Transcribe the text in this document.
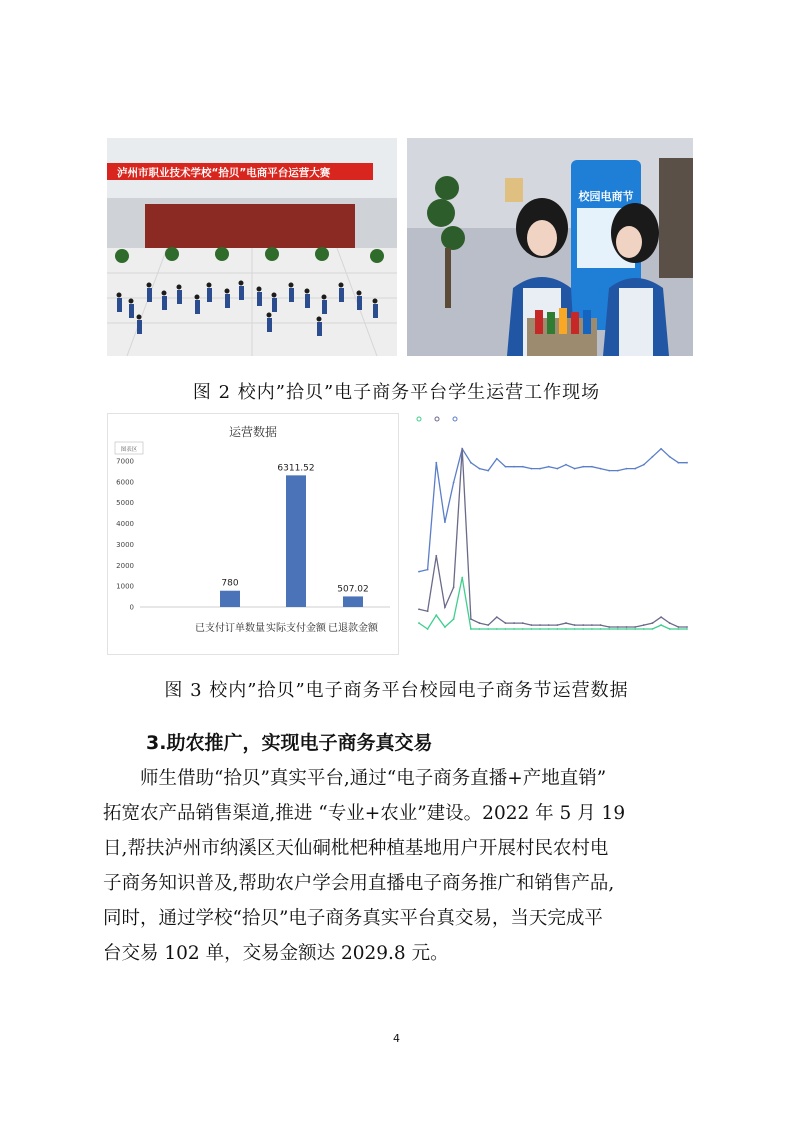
泸州市职业技术学校“拾贝”电商平台运营大赛
校园电商节
图 2 校内”拾贝”电子商务平台学生运营工作现场
图表区
运营数据
0
1000
2000
3000
4000
5000
6000
7000
780
已支付订单数量
6311.52
实际支付金额
507.02
已退款金额
图 3 校内”拾贝”电子商务平台校园电子商务节运营数据
3.助农推广，实现电子商务真交易

师生借助“拾贝”真实平台,通过“电子商务直播+产地直销”

拓宽农产品销售渠道,推进 “专业+农业”建设。2022 年 5 月 19

日,帮扶泸州市纳溪区天仙硐枇杷种植基地用户开展村民农村电

子商务知识普及,帮助农户学会用直播电子商务推广和销售产品,

同时，通过学校“拾贝”电子商务真实平台真交易，当天完成平

台交易 102 单，交易金额达 2029.8 元。

4
